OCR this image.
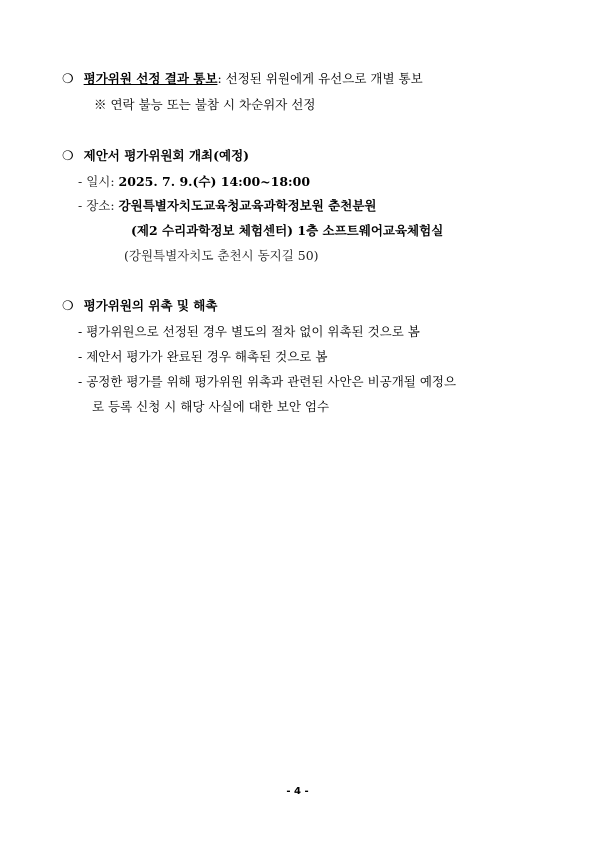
❍ 평가위원 선정 결과 통보: 선정된 위원에게 유선으로 개별 통보
※ 연락 불능 또는 불참 시 차순위자 선정
❍ 제안서 평가위원회 개최(예정)
- 일시: 2025. 7. 9.(수) 14:00~18:00
- 장소: 강원특별자치도교육청교육과학정보원 춘천분원
(제2 수리과학정보 체험센터) 1층 소프트웨어교육체험실
(강원특별자치도 춘천시 동지길 50)
❍ 평가위원의 위촉 및 해촉
- 평가위원으로 선정된 경우 별도의 절차 없이 위촉된 것으로 봄
- 제안서 평가가 완료된 경우 해촉된 것으로 봄
- 공정한 평가를 위해 평가위원 위촉과 관련된 사안은 비공개될 예정으
로 등록 신청 시 해당 사실에 대한 보안 엄수
- 4 -
